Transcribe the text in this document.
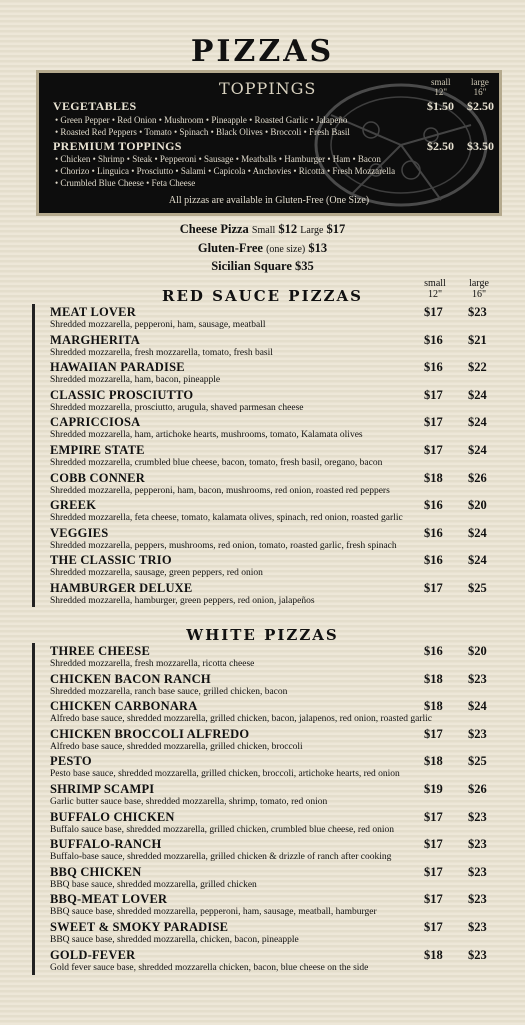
PIZZAS
TOPPINGS	small
12"
large
16"
VEGETABLES	$1.50 $2.50
• Green Pepper • Red Onion • Mushroom • Pineapple • Roasted Garlic • Jalapeño
• Roasted Red Peppers • Tomato • Spinach • Black Olives • Broccoli • Fresh Basil
PREMIUM TOPPINGS	$2.50 $3.50
• Chicken • Shrimp • Steak • Pepperoni • Sausage • Meatballs • Hamburger • Ham • Bacon
• Chorizo • Linguica • Prosciutto • Salami • Capicola • Anchovies • Ricotta • Fresh Mozzarella
• Crumbled Blue Cheese • Feta Cheese
All pizzas are available in Gluten-Free (One Size)
Cheese Pizza Small $12 Large $17
Gluten-Free (one size) $13
Sicilian Square $35
RED SAUCE PIZZAS
small
12"
large
16"
MEAT LOVER
Shredded mozzarella, pepperoni, ham, sausage, meatball
$17 $23
MARGHERITA
Shredded mozzarella, fresh mozzarella, tomato, fresh basil
$16 $21
HAWAIIAN PARADISE
Shredded mozzarella, ham, bacon, pineapple
$16 $22
CLASSIC PROSCIUTTO
Shredded mozzarella, prosciutto, arugula, shaved parmesan cheese
$17 $24
CAPRICCIOSA
Shredded mozzarella, ham, artichoke hearts, mushrooms, tomato, Kalamata olives
$17 $24
EMPIRE STATE
Shredded mozzarella, crumbled blue cheese, bacon, tomato, fresh basil, oregano, bacon
$17 $24
COBB CONNER
Shredded mozzarella, pepperoni, ham, bacon, mushrooms, red onion, roasted red peppers
$18 $26
GREEK
Shredded mozzarella, feta cheese, tomato, kalamata olives, spinach, red onion, roasted garlic
$16 $20
VEGGIES
Shredded mozzarella, peppers, mushrooms, red onion, tomato, roasted garlic, fresh spinach
$16 $24
THE CLASSIC TRIO
Shredded mozzarella, sausage, green peppers, red onion
$16 $24
HAMBURGER DELUXE
Shredded mozzarella, hamburger, green peppers, red onion, jalapeños
$17 $25
WHITE PIZZAS
THREE CHEESE
Shredded mozzarella, fresh mozzarella, ricotta cheese
$16 $20
CHICKEN BACON RANCH
Shredded mozzarella, ranch base sauce, grilled chicken, bacon
$18 $23
CHICKEN CARBONARA
Alfredo base sauce, shredded mozzarella, grilled chicken, bacon, jalapenos, red onion, roasted garlic
$18 $24
CHICKEN BROCCOLI ALFREDO
Alfredo base sauce, shredded mozzarella, grilled chicken, broccoli
$17 $23
PESTO
Pesto base sauce, shredded mozzarella, grilled chicken, broccoli, artichoke hearts, red onion
$18 $25
SHRIMP SCAMPI
Garlic butter sauce base, shredded mozzarella, shrimp, tomato, red onion
$19 $26
BUFFALO CHICKEN
Buffalo sauce base, shredded mozzarella, grilled chicken, crumbled blue cheese, red onion
$17 $23
BUFFALO-RANCH
Buffalo-base sauce, shredded mozzarella, grilled chicken & drizzle of ranch after cooking
$17 $23
BBQ CHICKEN
BBQ base sauce, shredded mozzarella, grilled chicken
$17 $23
BBQ-MEAT LOVER
BBQ sauce base, shredded mozzarella, pepperoni, ham, sausage, meatball, hamburger
$17 $23
SWEET & SMOKY PARADISE
BBQ sauce base, shredded mozzarella, chicken, bacon, pineapple
$17 $23
GOLD-FEVER
Gold fever sauce base, shredded mozzarella chicken, bacon, blue cheese on the side
$18 $23
